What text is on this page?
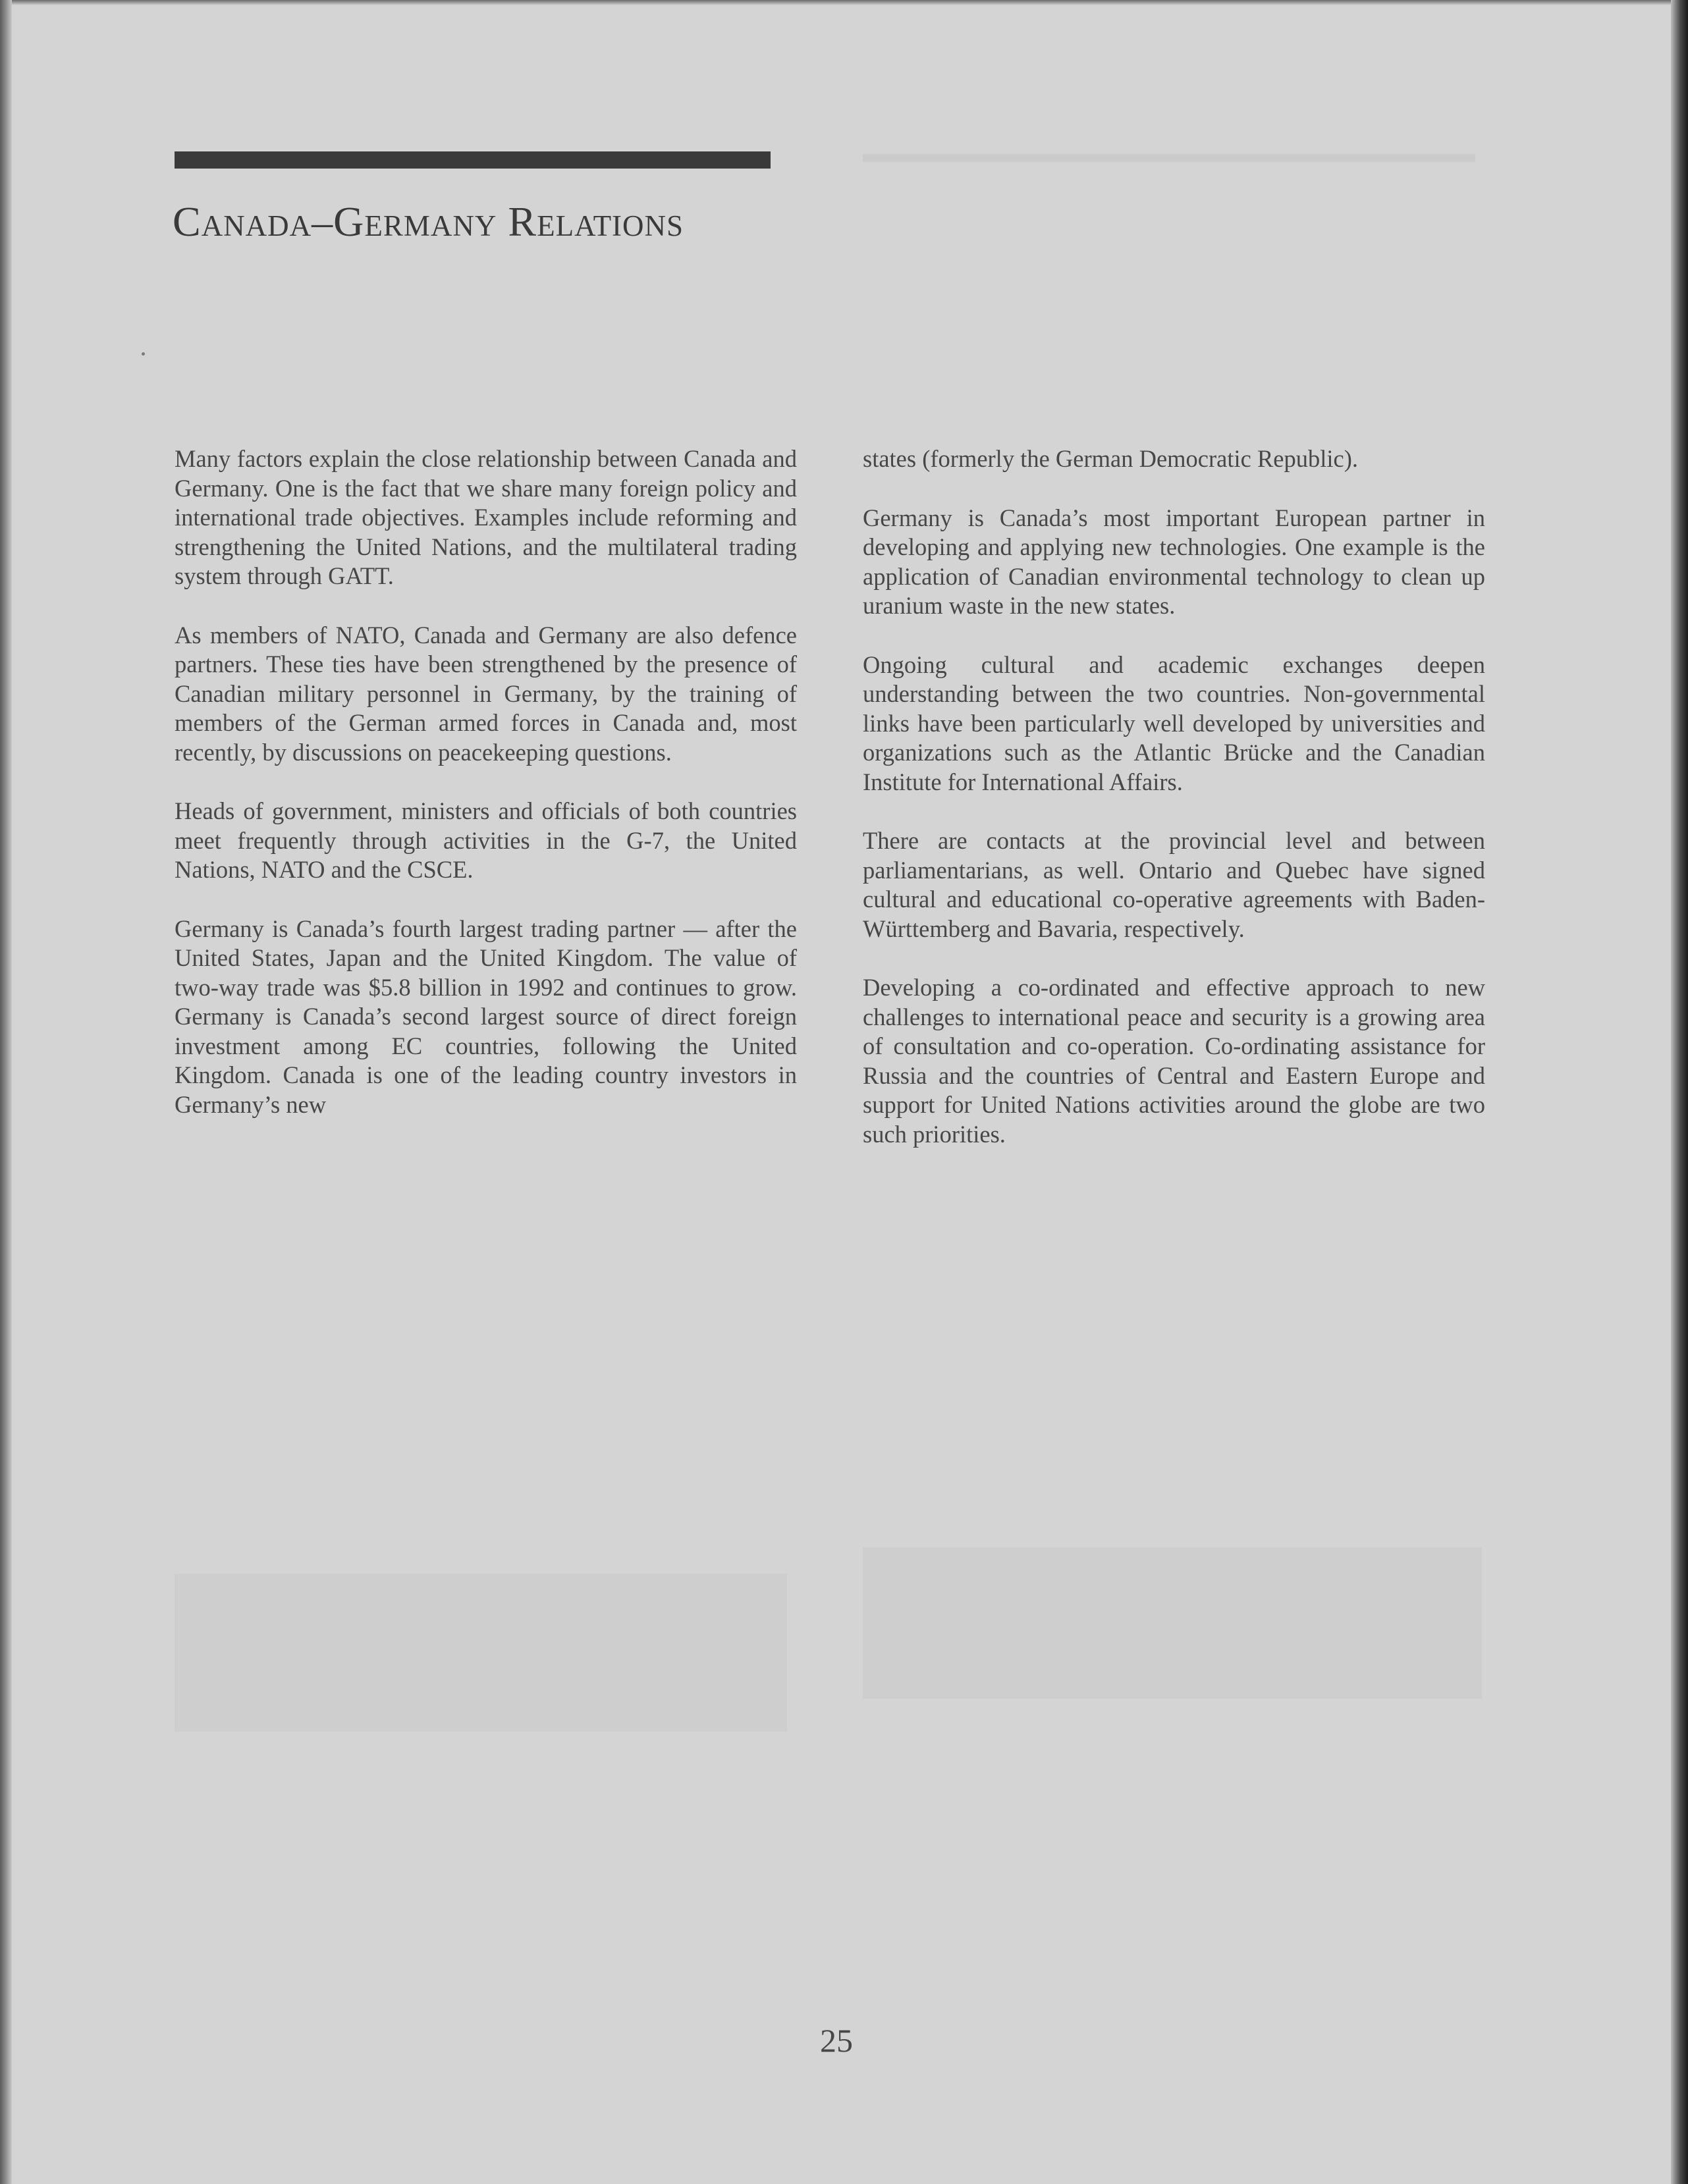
Canada–Germany Relations

Many factors explain the close relationship between Canada and Germany. One is the fact that we share many foreign policy and international trade objectives. Examples include reforming and strengthening the United Nations, and the multilateral trading system through GATT.

As members of NATO, Canada and Germany are also defence partners. These ties have been strengthened by the presence of Canadian military personnel in Germany, by the training of members of the German armed forces in Canada and, most recently, by discussions on peacekeeping questions.

Heads of government, ministers and officials of both countries meet frequently through activities in the G-7, the United Nations, NATO and the CSCE.

Germany is Canada’s fourth largest trading partner — after the United States, Japan and the United Kingdom. The value of two-way trade was $5.8 billion in 1992 and continues to grow. Germany is Canada’s second largest source of direct foreign investment among EC countries, following the United Kingdom. Canada is one of the leading country investors in Germany’s new

states (formerly the German Democratic Republic).

Germany is Canada’s most important European partner in developing and applying new technologies. One example is the application of Canadian environmental technology to clean up uranium waste in the new states.

Ongoing cultural and academic exchanges deepen understanding between the two countries. Non-governmental links have been particularly well developed by universities and organizations such as the Atlantic Brücke and the Canadian Institute for International Affairs.

There are contacts at the provincial level and between parliamentarians, as well. Ontario and Quebec have signed cultural and educational co-operative agreements with Baden-Württemberg and Bavaria, respectively.

Developing a co-ordinated and effective approach to new challenges to international peace and security is a growing area of consultation and co-operation. Co-ordinating assistance for Russia and the countries of Central and Eastern Europe and support for United Nations activities around the globe are two such priorities.

25
